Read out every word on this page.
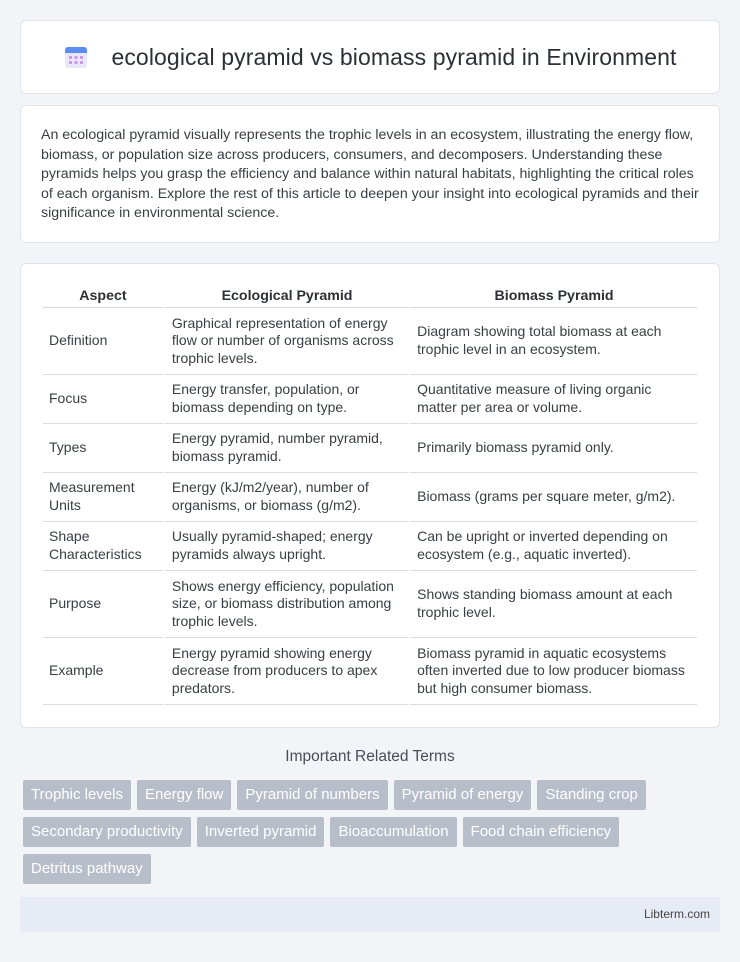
ecological pyramid vs biomass pyramid in Environment

An ecological pyramid visually represents the trophic levels in an ecosystem, illustrating the energy flow, biomass, or population size across producers, consumers, and decomposers. Understanding these pyramids helps you grasp the efficiency and balance within natural habitats, highlighting the critical roles of each organism. Explore the rest of this article to deepen your insight into ecological pyramids and their significance in environmental science.

Aspect	Ecological Pyramid	Biomass Pyramid
Definition	Graphical representation of energy flow or number of organisms across trophic levels.	Diagram showing total biomass at each trophic level in an ecosystem.
Focus	Energy transfer, population, or biomass depending on type.	Quantitative measure of living organic matter per area or volume.
Types	Energy pyramid, number pyramid, biomass pyramid.	Primarily biomass pyramid only.
Measurement Units	Energy (kJ/m2/year), number of organisms, or biomass (g/m2).	Biomass (grams per square meter, g/m2).
Shape Characteristics	Usually pyramid-shaped; energy pyramids always upright.	Can be upright or inverted depending on ecosystem (e.g., aquatic inverted).
Purpose	Shows energy efficiency, population size, or biomass distribution among trophic levels.	Shows standing biomass amount at each trophic level.
Example	Energy pyramid showing energy decrease from producers to apex predators.	Biomass pyramid in aquatic ecosystems often inverted due to low producer biomass but high consumer biomass.
Important Related Terms
Trophic levels Energy flow Pyramid of numbers Pyramid of energy Standing crop
Secondary productivity Inverted pyramid Bioaccumulation Food chain efficiency
Detritus pathway
Libterm.com
